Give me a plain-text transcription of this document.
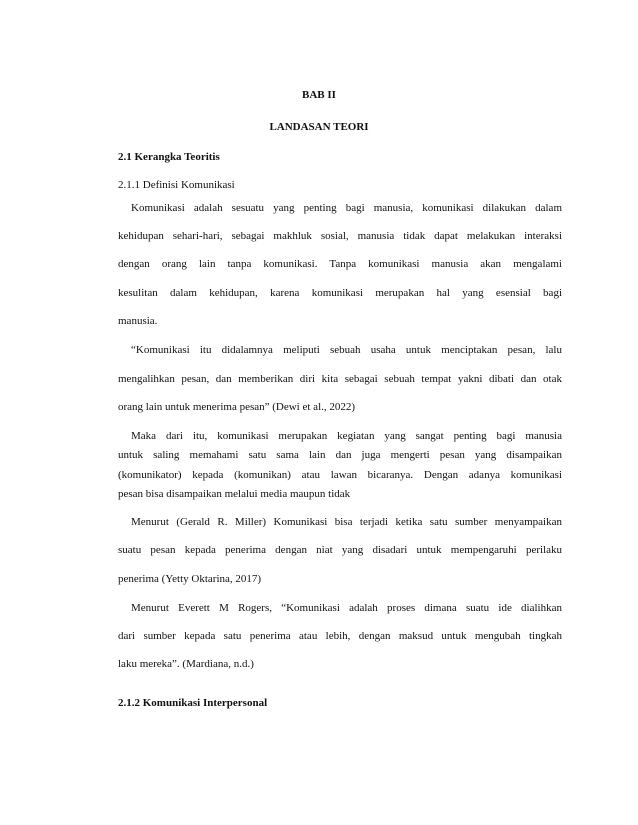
BAB II
LANDASAN TEORI
2.1 Kerangka Teoritis
2.1.1 Definisi Komunikasi
Komunikasi adalah sesuatu yang penting bagi manusia, komunikasi dilakukan dalam
kehidupan sehari-hari, sebagai makhluk sosial, manusia tidak dapat melakukan interaksi
dengan orang lain tanpa komunikasi. Tanpa komunikasi manusia akan mengalami
kesulitan dalam kehidupan, karena komunikasi merupakan hal yang esensial bagi
manusia.
“Komunikasi itu didalamnya meliputi sebuah usaha untuk menciptakan pesan, lalu
mengalihkan pesan, dan memberikan diri kita sebagai sebuah tempat yakni dibati dan otak
orang lain untuk menerima pesan” (Dewi et al., 2022)
Maka dari itu, komunikasi merupakan kegiatan yang sangat penting bagi manusia
untuk saling memahami satu sama lain dan juga mengerti pesan yang disampaikan
(komunikator) kepada (komunikan) atau lawan bicaranya. Dengan adanya komunikasi
pesan bisa disampaikan melalui media maupun tidak
Menurut (Gerald R. Miller) Komunikasi bisa terjadi ketika satu sumber menyampaikan
suatu pesan kepada penerima dengan niat yang disadari untuk mempengaruhi perilaku
penerima (Yetty Oktarina, 2017)
Menurut Everett M Rogers, “Komunikasi adalah proses dimana suatu ide dialihkan
dari sumber kepada satu penerima atau lebih, dengan maksud untuk mengubah tingkah
laku mereka”. (Mardiana, n.d.)
2.1.2 Komunikasi Interpersonal
